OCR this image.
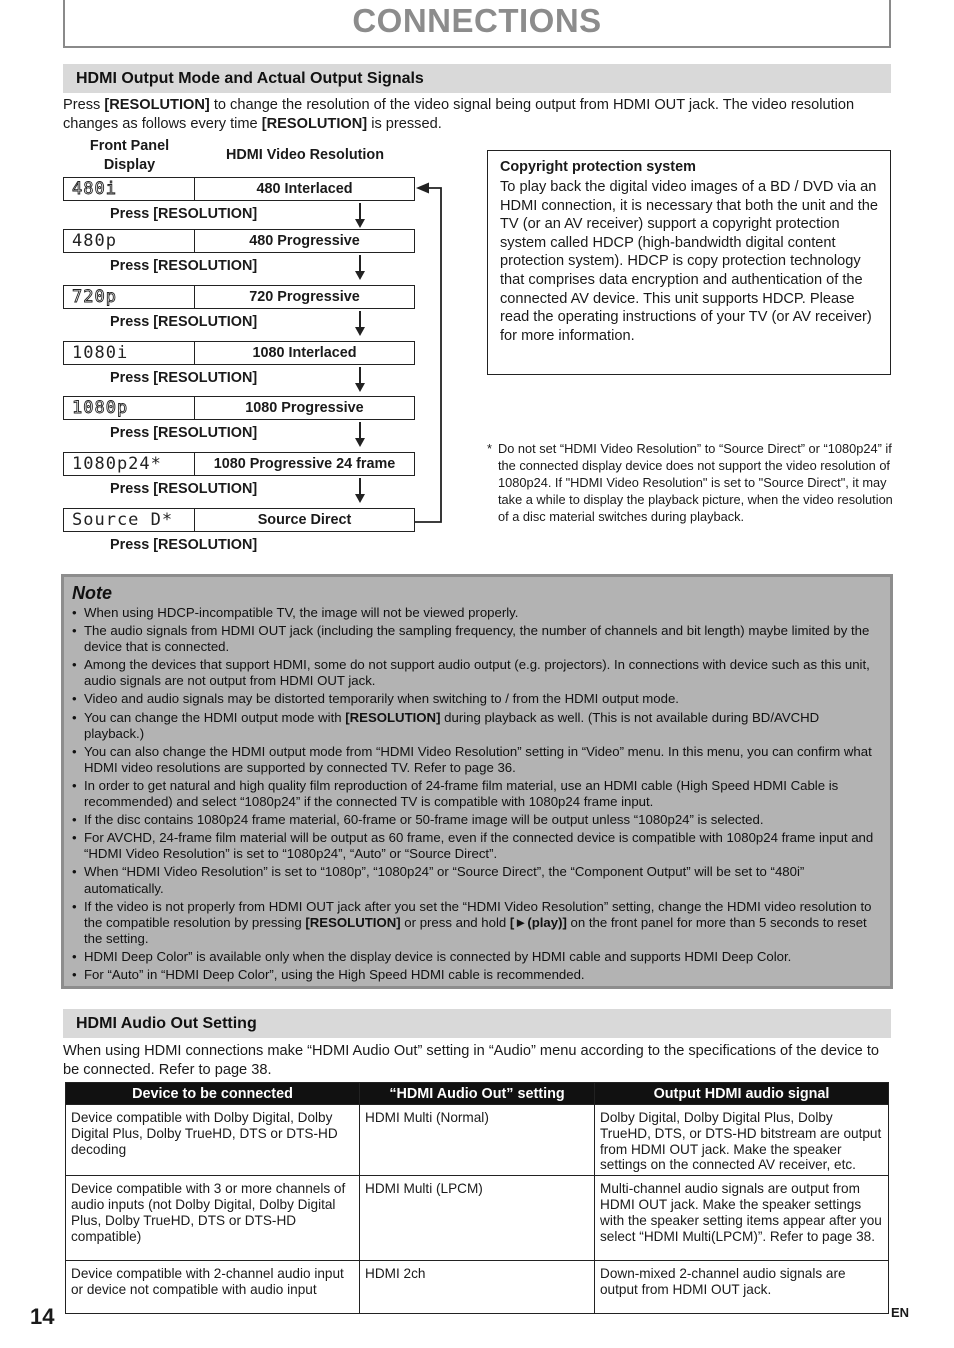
CONNECTIONS
HDMI Output Mode and Actual Output Signals
Press [RESOLUTION] to change the resolution of the video signal being output from HDMI OUT jack. The video resolution changes as follows every time [RESOLUTION] is pressed.
Front Panel Display
HDMI Video Resolution
480i	480 Interlaced
Press [RESOLUTION]
480p	480 Progressive
Press [RESOLUTION]
720p	720 Progressive
Press [RESOLUTION]
1080i	1080 Interlaced
Press [RESOLUTION]
1080p	1080 Progressive
Press [RESOLUTION]
1080p24*	1080 Progressive 24 frame
Press [RESOLUTION]
Source D*	Source Direct
Press [RESOLUTION]
Copyright protection system
To play back the digital video images of a BD / DVD via an HDMI connection, it is necessary that both the unit and the TV (or an AV receiver) support a copyright protection system called HDCP (high-bandwidth digital content protection system). HDCP is copy protection technology that comprises data encryption and authentication of the connected AV device. This unit supports HDCP. Please read the operating instructions of your TV (or AV receiver) for more information.
* Do not set “HDMI Video Resolution” to “Source Direct” or “1080p24” if the connected display device does not support the video resolution of 1080p24. If "HDMI Video Resolution" is set to "Source Direct", it may take a while to display the playback picture, when the video resolution of a disc material switches during playback.
Note
• When using HDCP-incompatible TV, the image will not be viewed properly.
• The audio signals from HDMI OUT jack (including the sampling frequency, the number of channels and bit length) maybe limited by the device that is connected.
• Among the devices that support HDMI, some do not support audio output (e.g. projectors). In connections with device such as this unit, audio signals are not output from HDMI OUT jack.
• Video and audio signals may be distorted temporarily when switching to / from the HDMI output mode.
• You can change the HDMI output mode with [RESOLUTION] during playback as well. (This is not available during BD/AVCHD playback.)
• You can also change the HDMI output mode from “HDMI Video Resolution” setting in “Video” menu. In this menu, you can confirm what HDMI video resolutions are supported by connected TV. Refer to page 36.
• In order to get natural and high quality film reproduction of 24-frame film material, use an HDMI cable (High Speed HDMI Cable is recommended) and select “1080p24” if the connected TV is compatible with 1080p24 frame input.
• If the disc contains 1080p24 frame material, 60-frame or 50-frame image will be output unless “1080p24” is selected.
• For AVCHD, 24-frame film material will be output as 60 frame, even if the connected device is compatible with 1080p24 frame input and “HDMI Video Resolution” is set to “1080p24”, “Auto” or “Source Direct”.
• When “HDMI Video Resolution” is set to “1080p”, “1080p24” or “Source Direct”, the “Component Output” will be set to “480i” automatically.
• If the video is not properly from HDMI OUT jack after you set the “HDMI Video Resolution” setting, change the HDMI video resolution to the compatible resolution by pressing [RESOLUTION] or press and hold [►(play)] on the front panel for more than 5 seconds to reset the setting.
• HDMI Deep Color” is available only when the display device is connected by HDMI cable and supports HDMI Deep Color.
• For “Auto” in “HDMI Deep Color”, using the High Speed HDMI cable is recommended.
HDMI Audio Out Setting
When using HDMI connections make “HDMI Audio Out” setting in “Audio” menu according to the specifications of the device to be connected. Refer to page 38.
Device to be connected	“HDMI Audio Out” setting	Output HDMI audio signal
Device compatible with Dolby Digital, Dolby Digital Plus, Dolby TrueHD, DTS or DTS-HD decoding	HDMI Multi (Normal)	Dolby Digital, Dolby Digital Plus, Dolby TrueHD, DTS, or DTS-HD bitstream are output from HDMI OUT jack. Make the speaker settings on the connected AV receiver, etc.
Device compatible with 3 or more channels of audio inputs (not Dolby Digital, Dolby Digital Plus, Dolby TrueHD, DTS or DTS-HD compatible)	HDMI Multi (LPCM)	Multi-channel audio signals are output from HDMI OUT jack. Make the speaker settings with the speaker setting items appear after you select “HDMI Multi(LPCM)”. Refer to page 38.
Device compatible with 2-channel audio input or device not compatible with audio input	HDMI 2ch	Down-mixed 2-channel audio signals are output from HDMI OUT jack.
14	EN
